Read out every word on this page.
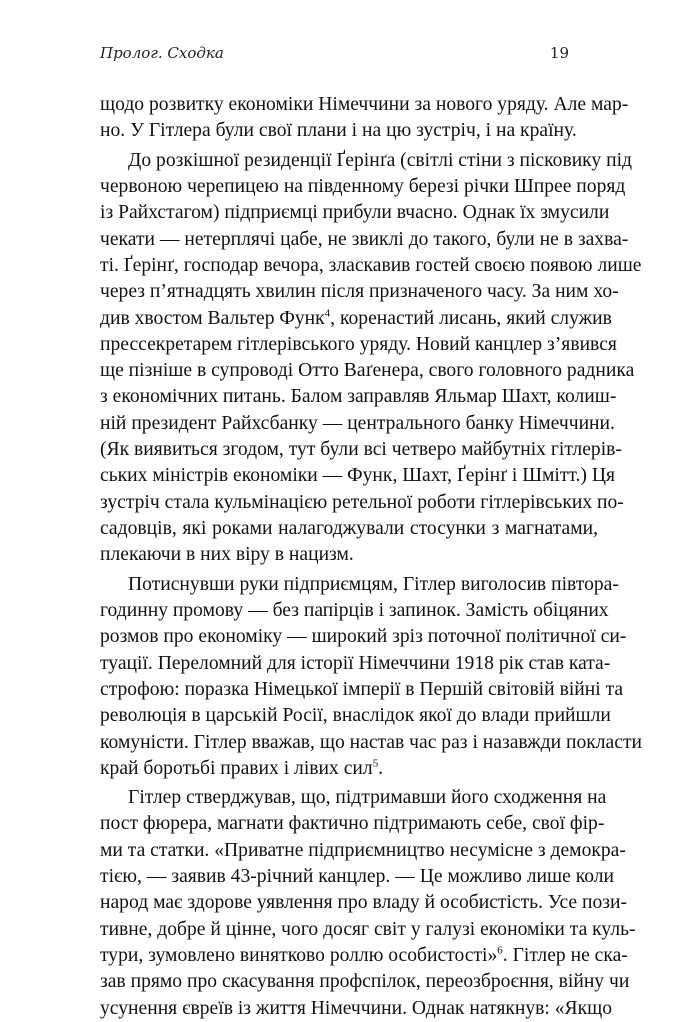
Пролог. Сходка	19
щодо розвитку економіки Німеччини за нового уряду. Але мар-
но. У Гітлера були свої плани і на цю зустріч, і на країну.
До розкішної резиденції Ґерінґа (світлі стіни з пісковику під
червоною черепицею на південному березі річки Шпрее поряд
із Райхстагом) підприємці прибули вчасно. Однак їх змусили
чекати — нетерплячі цабе, не звиклі до такого, були не в захва-
ті. Ґерінґ, господар вечора, злаcкавив гостей своєю появою лише
через п’ятнадцять хвилин після призначеного часу. За ним хо-
див хвостом Вальтер Функ$^4$, коренастий лисань, який служив
прессекретарем гітлерівського уряду. Новий канцлер з’явився
ще пізніше в супроводі Отто Ваґенера, свого головного радника
з економічних питань. Балом заправляв Яльмар Шахт, колиш-
ній президент Райхсбанку — центрального банку Німеччини.
(Як виявиться згодом, тут були всі четверо майбутніх гітлерів-
ських міністрів економіки — Функ, Шахт, Ґерінґ і Шмітт.) Ця
зустріч стала кульмінацією ретельної роботи гітлерівських по-
садовців, які роками налагоджували стосунки з магнатами,
плекаючи в них віру в нацизм.
Потиснувши руки підприємцям, Гітлер виголосив півторa-
годинну промову — без папірців і запинок. Замість обіцяних
розмов про економіку — широкий зріз поточної політичної си-
туації. Переломний для історії Німеччини 1918 рік став ката-
строфою: поразка Німецької імперії в Першій світовій війні та
революція в царській Росії, внаслідок якої до влади прийшли
комуністи. Гітлер вважав, що настав час раз і назавжди покласти
край боротьбі правих і лівих сил$^5$.
Гітлер стверджував, що, підтримавши його сходження на
пост фюрера, магнати фактично підтримають себе, свої фір-
ми та статки. «Приватне підприємництво несумісне з демокра-
тією, — заявив 43-річний канцлер. — Це можливо лише коли
народ має здорове уявлення про владу й особистість. Усе пози-
тивне, добре й цінне, чого досяг світ у галузі економіки та куль-
тури, зумовлено винятково роллю особистості»$^6$. Гітлер не ска-
зав прямо про скасування профспілок, переозброєння, війну чи
усунення євреїв із життя Німеччини. Однак натякнув: «Якщо
